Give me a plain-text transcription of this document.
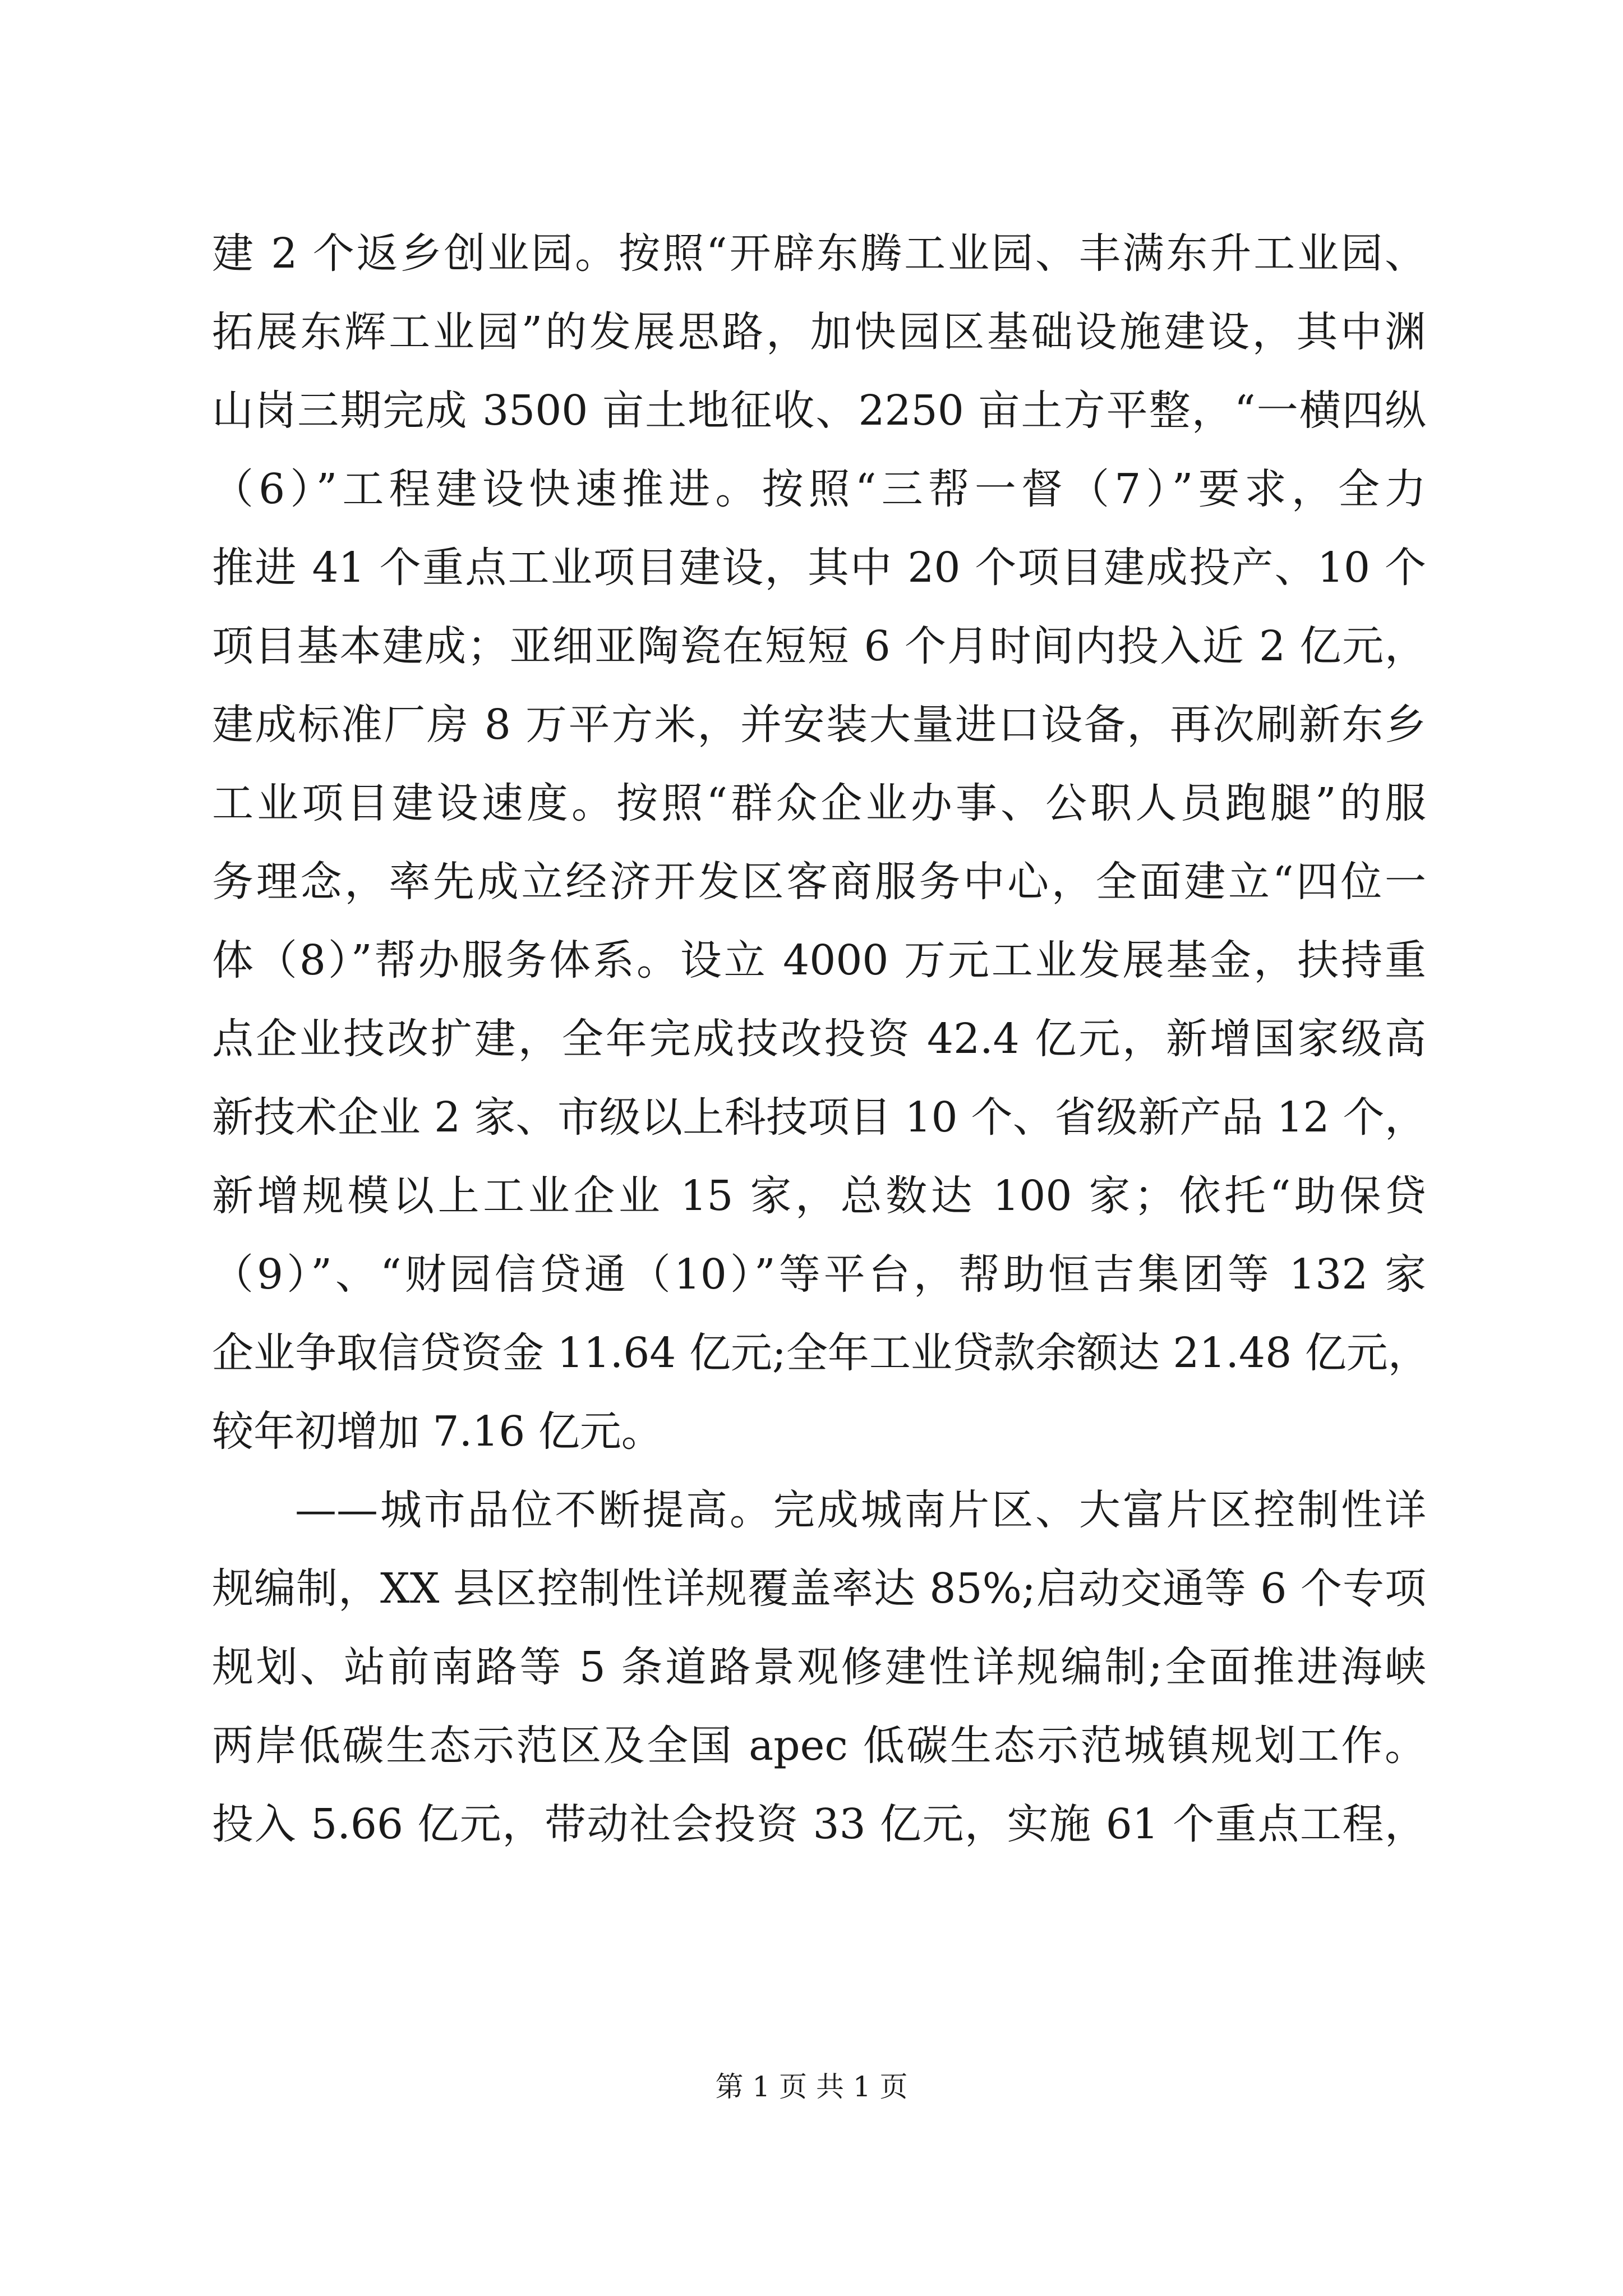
建 2 个返乡创业园。按照“开辟东腾工业园、丰满东升工业园、
拓展东辉工业园”的发展思路，加快园区基础设施建设，其中渊
山岗三期完成 3500 亩土地征收、2250 亩土方平整，“一横四纵
（6）”工程建设快速推进。按照“三帮一督（7）”要求，全力
推进 41 个重点工业项目建设，其中 20 个项目建成投产、10 个
项目基本建成；亚细亚陶瓷在短短 6 个月时间内投入近 2 亿元，
建成标准厂房 8 万平方米，并安装大量进口设备，再次刷新东乡
工业项目建设速度。按照“群众企业办事、公职人员跑腿”的服
务理念，率先成立经济开发区客商服务中心，全面建立“四位一
体（8）”帮办服务体系。设立 4000 万元工业发展基金，扶持重
点企业技改扩建，全年完成技改投资 42.4 亿元，新增国家级高
新技术企业 2 家、市级以上科技项目 10 个、省级新产品 12 个，
新增规模以上工业企业 15 家，总数达 100 家；依托“助保贷
（9）”、“财园信贷通（10）”等平台，帮助恒吉集团等 132 家
企业争取信贷资金 11.64 亿元;全年工业贷款余额达 21.48 亿元，
较年初增加 7.16 亿元。
——城市品位不断提高。完成城南片区、大富片区控制性详
规编制，XX 县区控制性详规覆盖率达 85%;启动交通等 6 个专项
规划、站前南路等 5 条道路景观修建性详规编制;全面推进海峡
两岸低碳生态示范区及全国 apec 低碳生态示范城镇规划工作。
投入 5.66 亿元，带动社会投资 33 亿元，实施 61 个重点工程，
第 1 页 共 1 页
